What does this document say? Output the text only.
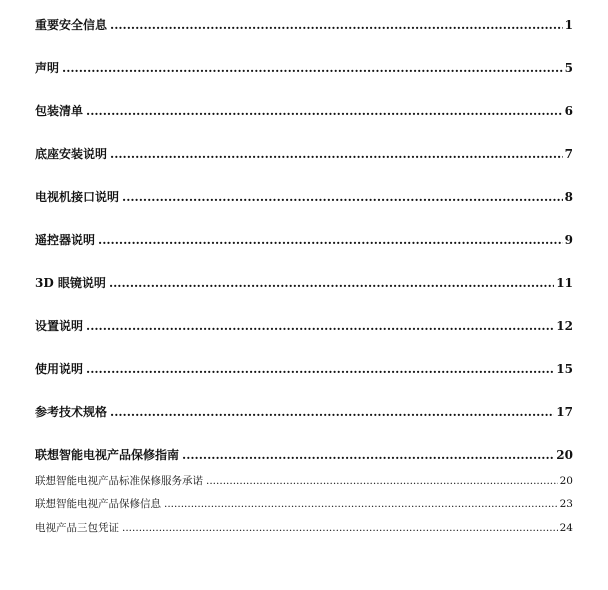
重要安全信息 .....	1
声明 .....	5
包装清单 .....	6
底座安装说明 .....	7
电视机接口说明 .....	8
遥控器说明 .....	9
3D 眼镜说明 .....	11
设置说明 .....	12
使用说明 .....	15
参考技术规格 .....	17
联想智能电视产品保修指南 .....	20
联想智能电视产品标准保修服务承诺 .....	20
联想智能电视产品保修信息 .....	23
电视产品三包凭证 .....	24
